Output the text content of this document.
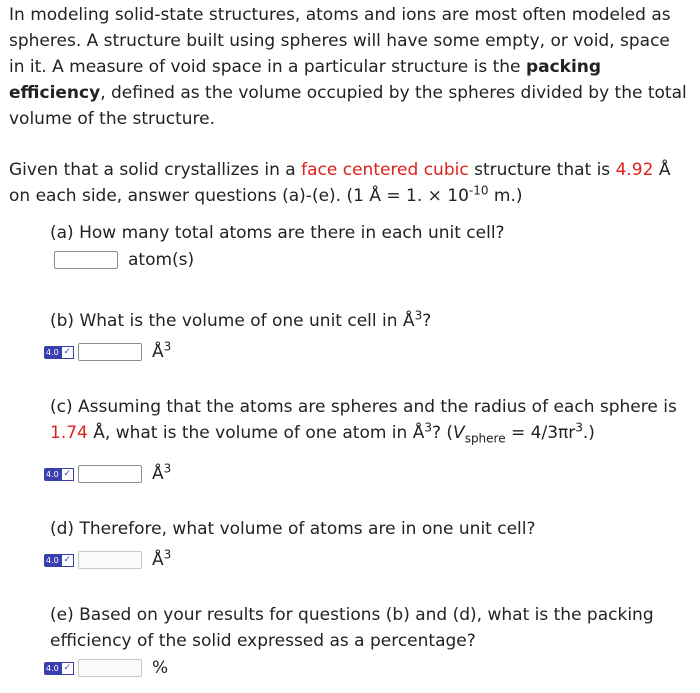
In modeling solid-state structures, atoms and ions are most often modeled as spheres. A structure built using spheres will have some empty, or void, space in it. A measure of void space in a particular structure is the packing efficiency, defined as the volume occupied by the spheres divided by the total volume of the structure.
Given that a solid crystallizes in a face centered cubic structure that is 4.92 Å on each side, answer questions (a)-(e). (1 Å = 1. × $10^{-10}$ m.)
(a) How many total atoms are there in each unit cell?
atom(s)
(b) What is the volume of one unit cell in $Å^3$?
4.0 ✓	$Å^3$
(c) Assuming that the atoms are spheres and the radius of each sphere is 1.74 Å, what is the volume of one atom in $Å^3$? $(V_{sphere} = 4/3\pi r^3.)$
4.0 ✓	$Å^3$
(d) Therefore, what volume of atoms are in one unit cell?
4.0 ✓	$Å^3$
(e) Based on your results for questions (b) and (d), what is the packing efficiency of the solid expressed as a percentage?
4.0 ✓	%
